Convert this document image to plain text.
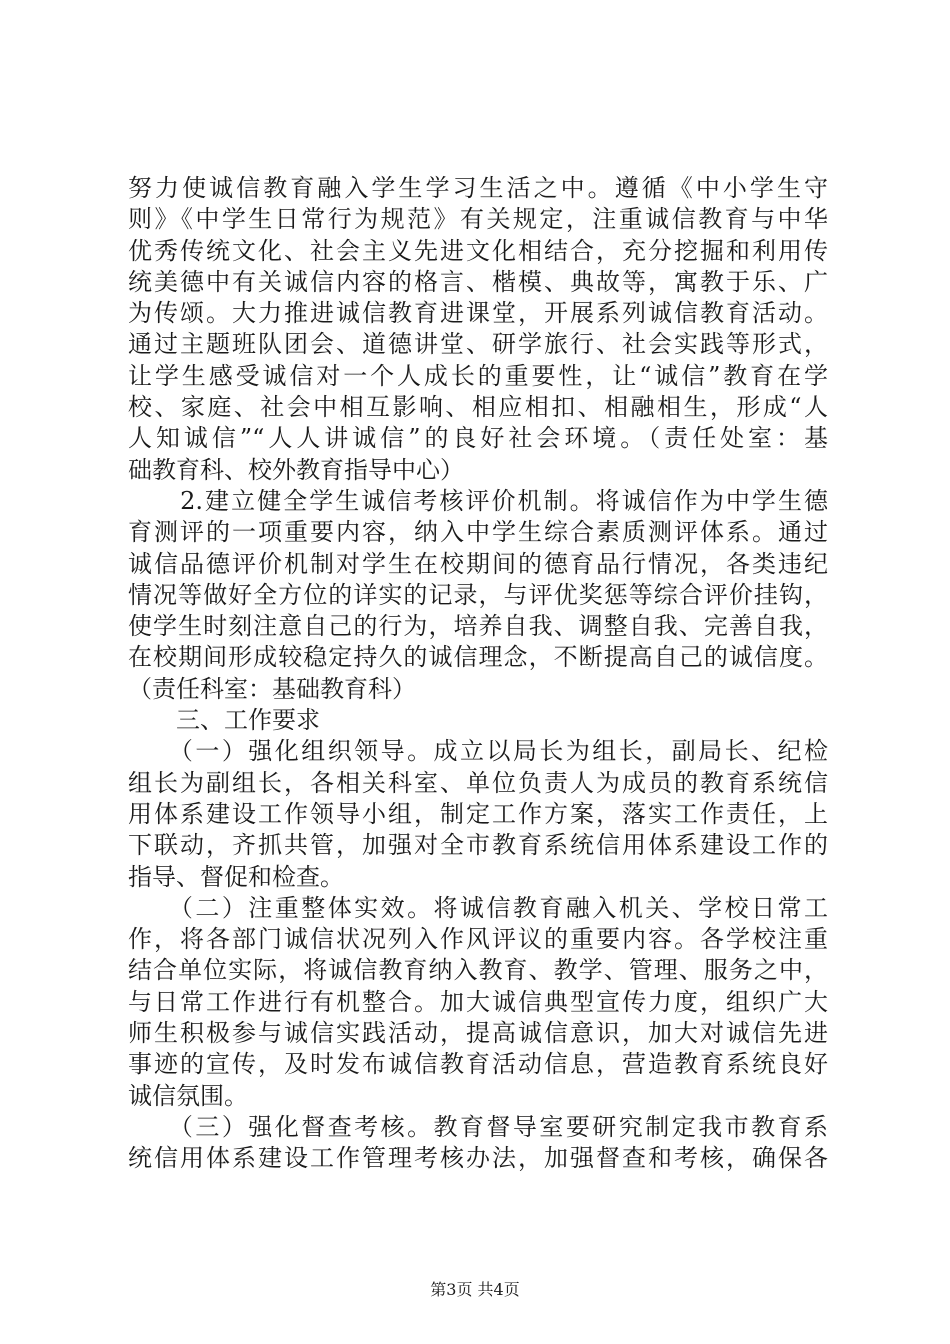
努力使诚信教育融入学生学习生活之中。遵循《中小学生守
则》《中学生日常行为规范》有关规定，注重诚信教育与中华
优秀传统文化、社会主义先进文化相结合，充分挖掘和利用传
统美德中有关诚信内容的格言、楷模、典故等，寓教于乐、广
为传颂。大力推进诚信教育进课堂，开展系列诚信教育活动。
通过主题班队团会、道德讲堂、研学旅行、社会实践等形式，
让学生感受诚信对一个人成长的重要性，让“诚信”教育在学
校、家庭、社会中相互影响、相应相扣、相融相生，形成“人
人知诚信”“人人讲诚信”的良好社会环境。（责任处室：基
础教育科、校外教育指导中心）
　　2.建立健全学生诚信考核评价机制。将诚信作为中学生德
育测评的一项重要内容，纳入中学生综合素质测评体系。通过
诚信品德评价机制对学生在校期间的德育品行情况，各类违纪
情况等做好全方位的详实的记录，与评优奖惩等综合评价挂钩，
使学生时刻注意自己的行为，培养自我、调整自我、完善自我，
在校期间形成较稳定持久的诚信理念，不断提高自己的诚信度。
（责任科室：基础教育科）
　　三、工作要求
　　（一）强化组织领导。成立以局长为组长，副局长、纪检
组长为副组长，各相关科室、单位负责人为成员的教育系统信
用体系建设工作领导小组，制定工作方案，落实工作责任，上
下联动，齐抓共管，加强对全市教育系统信用体系建设工作的
指导、督促和检查。
　　（二）注重整体实效。将诚信教育融入机关、学校日常工
作，将各部门诚信状况列入作风评议的重要内容。各学校注重
结合单位实际，将诚信教育纳入教育、教学、管理、服务之中，
与日常工作进行有机整合。加大诚信典型宣传力度，组织广大
师生积极参与诚信实践活动，提高诚信意识，加大对诚信先进
事迹的宣传，及时发布诚信教育活动信息，营造教育系统良好
诚信氛围。
　　（三）强化督查考核。教育督导室要研究制定我市教育系
统信用体系建设工作管理考核办法，加强督查和考核，确保各
第3页 共4页
